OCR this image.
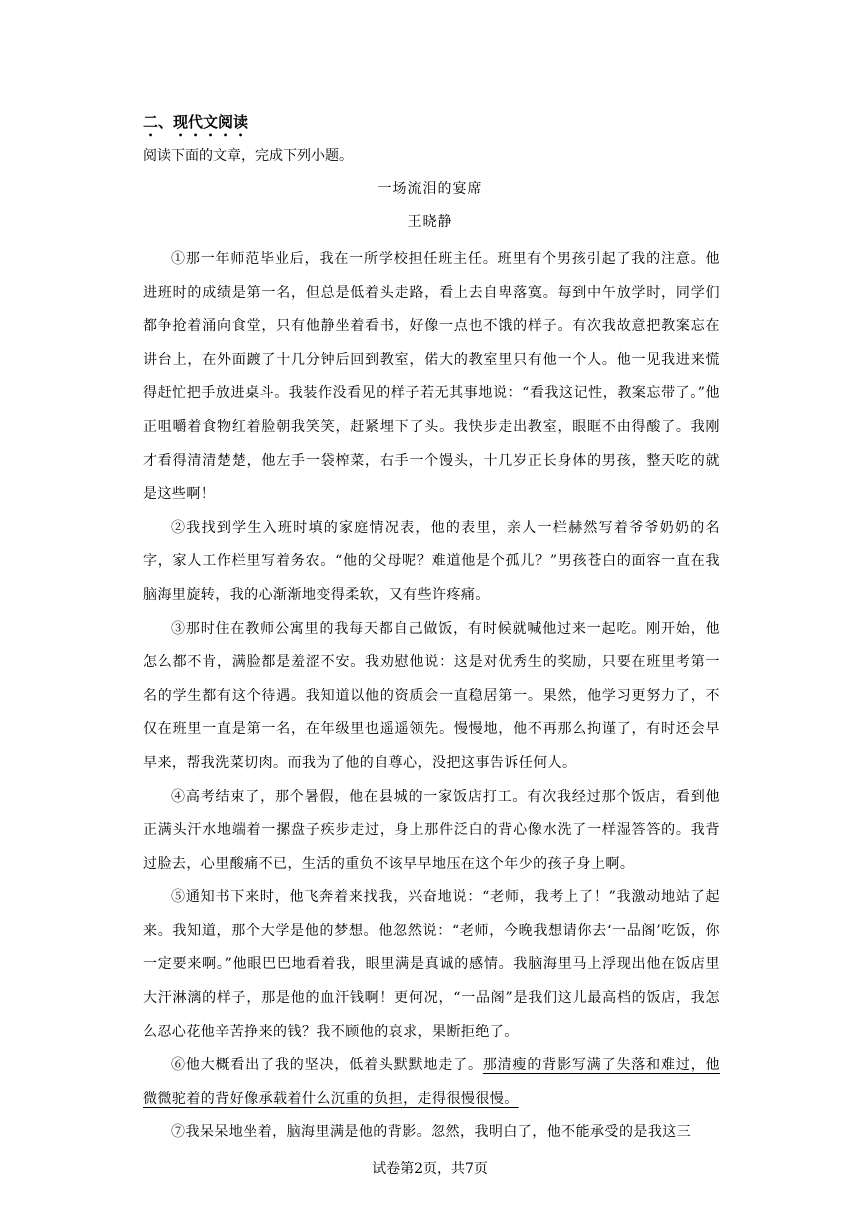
二、现代文阅读
阅读下面的文章，完成下列小题。
一场流泪的宴席
王晓静

①那一年师范毕业后，我在一所学校担任班主任。班里有个男孩引起了我的注意。他进班时的成绩是第一名，但总是低着头走路，看上去自卑落寞。每到中午放学时，同学们都争抢着涌向食堂，只有他静坐着看书，好像一点也不饿的样子。有次我故意把教案忘在讲台上，在外面踱了十几分钟后回到教室，偌大的教室里只有他一个人。他一见我进来慌得赶忙把手放进桌斗。我装作没看见的样子若无其事地说：“看我这记性，教案忘带了。”他正咀嚼着食物红着脸朝我笑笑，赶紧埋下了头。我快步走出教室，眼眶不由得酸了。我刚才看得清清楚楚，他左手一袋榨菜，右手一个馒头，十几岁正长身体的男孩，整天吃的就是这些啊！

②我找到学生入班时填的家庭情况表，他的表里，亲人一栏赫然写着爷爷奶奶的名字，家人工作栏里写着务农。“他的父母呢？难道他是个孤儿？”男孩苍白的面容一直在我脑海里旋转，我的心渐渐地变得柔软，又有些许疼痛。

③那时住在教师公寓里的我每天都自己做饭，有时候就喊他过来一起吃。刚开始，他怎么都不肯，满脸都是羞涩不安。我劝慰他说：这是对优秀生的奖励，只要在班里考第一名的学生都有这个待遇。我知道以他的资质会一直稳居第一。果然，他学习更努力了，不仅在班里一直是第一名，在年级里也遥遥领先。慢慢地，他不再那么拘谨了，有时还会早早来，帮我洗菜切肉。而我为了他的自尊心，没把这事告诉任何人。

④高考结束了，那个暑假，他在县城的一家饭店打工。有次我经过那个饭店，看到他正满头汗水地端着一摞盘子疾步走过，身上那件泛白的背心像水洗了一样湿答答的。我背过脸去，心里酸痛不已，生活的重负不该早早地压在这个年少的孩子身上啊。

⑤通知书下来时，他飞奔着来找我，兴奋地说：“老师，我考上了！”我激动地站了起来。我知道，那个大学是他的梦想。他忽然说：“老师，今晚我想请你去‘一品阁’吃饭，你一定要来啊。”他眼巴巴地看着我，眼里满是真诚的感情。我脑海里马上浮现出他在饭店里大汗淋漓的样子，那是他的血汗钱啊！更何况，“一品阁”是我们这儿最高档的饭店，我怎么忍心花他辛苦挣来的钱？我不顾他的哀求，果断拒绝了。

⑥他大概看出了我的坚决，低着头默默地走了。那清瘦的背影写满了失落和难过，他微微驼着的背好像承载着什么沉重的负担，走得很慢很慢。

⑦我呆呆地坐着，脑海里满是他的背影。忽然，我明白了，他不能承受的是我这三

试卷第2页，共7页
